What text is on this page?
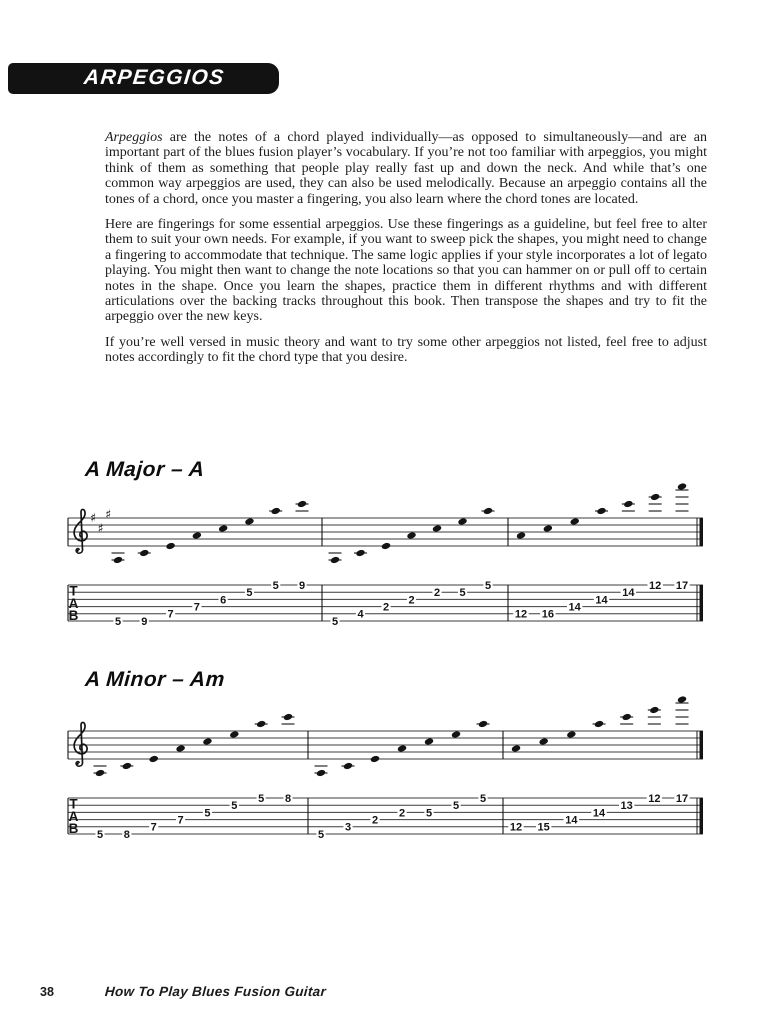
ARPEGGIOS

Arpeggios are the notes of a chord played individually—as opposed to simultaneously—and are an important part of the blues fusion player’s vocabulary. If you’re not too familiar with arpeggios, you might think of them as something that people play really fast up and down the neck. And while that’s one common way arpeggios are used, they can also be used melodically. Because an arpeggio contains all the tones of a chord, once you master a fingering, you also learn where the chord tones are located.

Here are fingerings for some essential arpeggios. Use these fingerings as a guideline, but feel free to alter them to suit your own needs. For example, if you want to sweep pick the shapes, you might need to change a fingering to accommodate that technique. The same logic applies if your style incorporates a lot of legato playing. You might then want to change the note locations so that you can hammer on or pull off to certain notes in the shape. Once you learn the shapes, practice them in different rhythms and with different articulations over the backing tracks throughout this book. Then transpose the shapes and try to fit the arpeggio over the new keys.

If you’re well versed in music theory and want to try some other arpeggios not listed, feel free to adjust notes accordingly to fit the chord type that you desire.

A Major – A
♯
♯
♯
T
A
B	5 9
7
7
6
5
5 9
5
4
2
2
2 5
5
12 16
14
14
14
12 17
A Minor – Am
T
A
B 5 8
7
7
5
5
5 8
5
3
2
2 5
5
5
12 15
14
14
13
12 17
38	How To Play Blues Fusion Guitar
